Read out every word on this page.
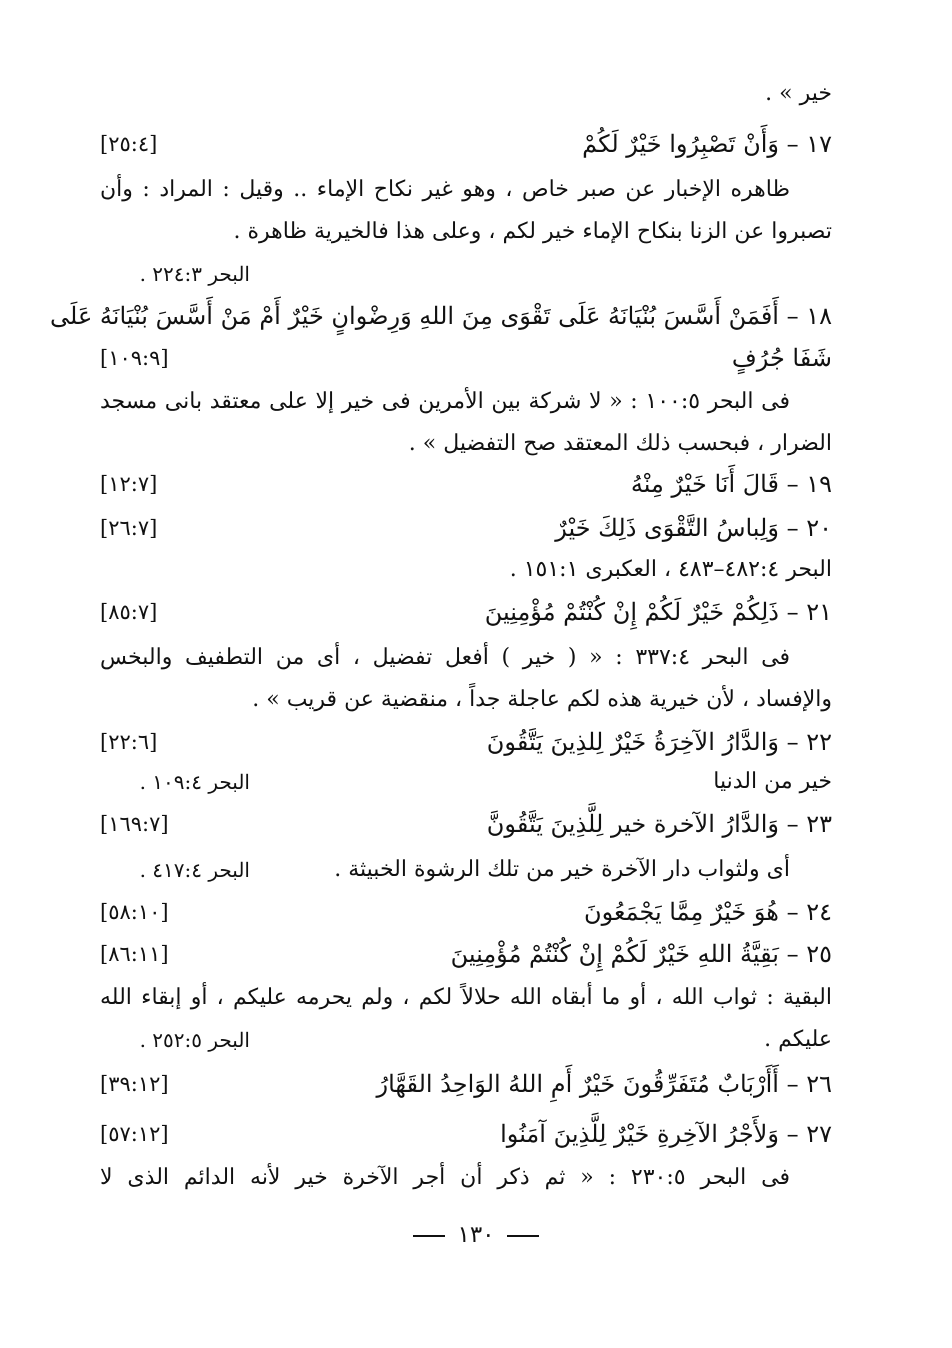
خير » .
١٧ – وَأَنْ تَصْبِرُوا خَيْرٌ لَكُمْ
[٢٥:٤]
ظاهره الإخبار عن صبر خاص ، وهو غير نكاح الإماء .. وقيل : المراد : وأن
تصبروا عن الزنا بنكاح الإماء خير لكم ، وعلى هذا فالخيرية ظاهرة .
البحر ٢٢٤:٣ .
١٨ – أَفَمَنْ أَسَّسَ بُنْيَانَهُ عَلَى تَقْوَى مِنَ اللهِ وَرِضْوانٍ خَيْرٌ أَمْ مَنْ أَسَّسَ بُنْيَانَهُ عَلَى
شَفَا جُرُفٍ
[١٠٩:٩]
فى البحر ١٠٠:٥ : « لا شركة بين الأمرين فى خير إلا على معتقد بانى مسجد
الضرار ، فبحسب ذلك المعتقد صح التفضيل » .
١٩ – قَالَ أَنَا خَيْرٌ مِنْهُ
[١٢:٧]
٢٠ – وَلِباسُ التَّقْوَى ذَلِكَ خَيْرٌ
[٢٦:٧]
البحر ٤٨٢:٤–٤٨٣ ، العكبرى ١٥١:١ .
٢١ – ذَلِكُمْ خَيْرٌ لَكُمْ إِنْ كُنْتُمْ مُؤْمِنِينَ
[٨٥:٧]
فى البحر ٣٣٧:٤ : « ( خير ) أفعل تفضيل ، أى من التطفيف والبخس
والإفساد ، لأن خيرية هذه لكم عاجلة جداً ، منقضية عن قريب » .
٢٢ – وَالدَّارُ الآخِرَةُ خَيْرٌ لِلذِينَ يَتَّقُونَ
[٢٢:٦]
خير من الدنيا
البحر ١٠٩:٤ .
٢٣ – وَالدَّارُ الآخرة خير لِلَّذِينَ يَتَّقُونَّ
[١٦٩:٧]
أى ولثواب دار الآخرة خير من تلك الرشوة الخبيثة .
البحر ٤١٧:٤ .
٢٤ – هُوَ خَيْرٌ مِمَّا يَجْمَعُونَ
[٥٨:١٠]
٢٥ – بَقِيَّةُ اللهِ خَيْرٌ لَكُمْ إِنْ كُنْتُمْ مُؤْمِنِينَ
[٨٦:١١]
البقية : ثواب الله ، أو ما أبقاه الله حلالاً لكم ، ولم يحرمه عليكم ، أو إبقاء الله
عليكم .
البحر ٢٥٢:٥ .
٢٦ – أَأَرْبَابٌ مُتَفَرِّقُونَ خَيْرٌ أَمِ اللهُ الوَاحِدُ القَهَّارُ
[٣٩:١٢]
٢٧ – وَلأَجْرُ الآخِرةِ خَيْرٌ لِلَّذِينَ آمَنُوا
[٥٧:١٢]
فى البحر ٢٣٠:٥ : « ثم ذكر أن أجر الآخرة خير لأنه الدائم الذى لا
١٣٠
